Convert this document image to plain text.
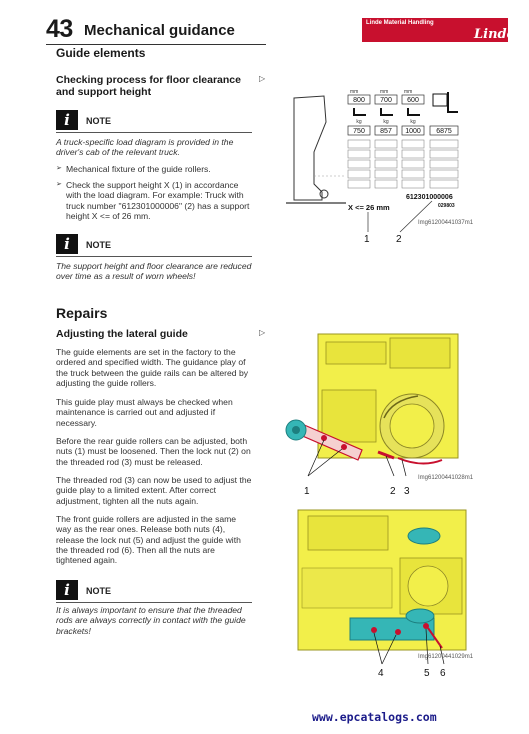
43 Mechanical guidance	Linde Material Handling
Linde
Guide elements
Checking process for floor clearance and support height
▷
i	NOTE
A truck-specific load diagram is provided in the driver's cab of the relevant truck.
➢ Mechanical fixture of the guide rollers.
➢ Check the support height X (1) in accordance with the load diagram. For example: Truck with truck number "612301000006" (2) has a support height X <= of 26 mm.
i	NOTE
The support height and floor clearance are reduced over time as a result of worn wheels!
mm	mm	mm
800 700 600
kg	kg	kg
750 857 1000 6875
X <= 26 mm
612301000006
029803
1	2
Img61200441037m1
Repairs
Adjusting the lateral guide	▷
The guide elements are set in the factory to the ordered and specified width. The guidance play of the truck between the guide rails can be altered by adjusting the guide rollers.
This guide play must always be checked when maintenance is carried out and adjusted if necessary.
Before the rear guide rollers can be adjusted, both nuts (1) must be loosened. Then the lock nut (2) on the threaded rod (3) must be released.
The threaded rod (3) can now be used to adjust the guide play to a limited extent. After correct adjustment, tighten all the nuts again.
The front guide rollers are adjusted in the same way as the rear ones. Release both nuts (4), release the lock nut (5) and adjust the guide with the threaded rod (6). Then all the nuts are tightened again.
i	NOTE
It is always important to ensure that the threaded rods are always correctly in contact with the guide brackets!
1	2 3
Img61200441028m1
4	5 6
Img61200441029m1
www.epcatalogs.com
